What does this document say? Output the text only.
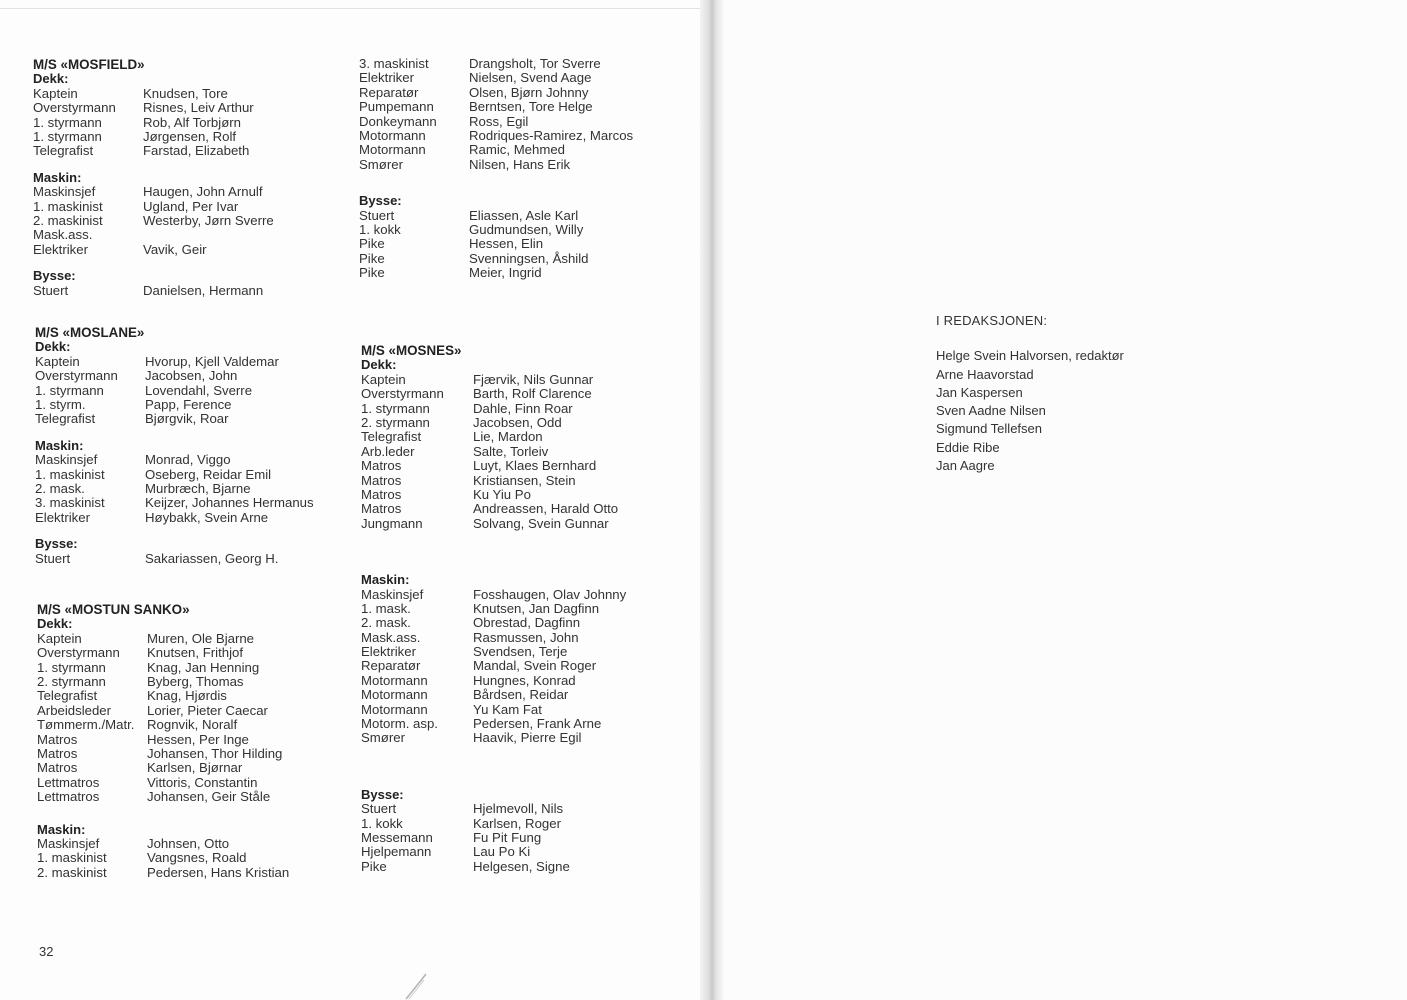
M/S «MOSFIELD»
Dekk:
Kaptein	Knudsen, Tore
Overstyrmann	Risnes, Leiv Arthur
1. styrmann	Rob, Alf Torbjørn
1. styrmann	Jørgensen, Rolf
Telegrafist	Farstad, Elizabeth
Maskin:
Maskinsjef	Haugen, John Arnulf
1. maskinist	Ugland, Per Ivar
2. maskinist	Westerby, Jørn Sverre
Mask.ass.
Elektriker	Vavik, Geir
Bysse:
Stuert	Danielsen, Hermann
M/S «MOSLANE»
Dekk:
Kaptein	Hvorup, Kjell Valdemar
Overstyrmann	Jacobsen, John
1. styrmann	Lovendahl, Sverre
1. styrm.	Papp, Ference
Telegrafist	Bjørgvik, Roar
Maskin:
Maskinsjef	Monrad, Viggo
1. maskinist	Oseberg, Reidar Emil
2. mask.	Murbræch, Bjarne
3. maskinist	Keijzer, Johannes Hermanus
Elektriker	Høybakk, Svein Arne
Bysse:
Stuert	Sakariassen, Georg H.
M/S «MOSTUN SANKO»
Dekk:
Kaptein	Muren, Ole Bjarne
Overstyrmann	Knutsen, Frithjof
1. styrmann	Knag, Jan Henning
2. styrmann	Byberg, Thomas
Telegrafist	Knag, Hjørdis
Arbeidsleder	Lorier, Pieter Caecar
Tømmerm./Matr. Rognvik, Noralf
Matros	Hessen, Per Inge
Matros	Johansen, Thor Hilding
Matros	Karlsen, Bjørnar
Lettmatros	Vittoris, Constantin
Lettmatros	Johansen, Geir Ståle
Maskin:
Maskinsjef	Johnsen, Otto
1. maskinist	Vangsnes, Roald
2. maskinist	Pedersen, Hans Kristian
3. maskinist	Drangsholt, Tor Sverre
Elektriker	Nielsen, Svend Aage
Reparatør	Olsen, Bjørn Johnny
Pumpemann	Berntsen, Tore Helge
Donkeymann	Ross, Egil
Motormann	Rodriques-Ramirez, Marcos
Motormann	Ramic, Mehmed
Smører	Nilsen, Hans Erik
Bysse:
Stuert	Eliassen, Asle Karl
1. kokk	Gudmundsen, Willy
Pike	Hessen, Elin
Pike	Svenningsen, Åshild
Pike	Meier, Ingrid
M/S «MOSNES»
Dekk:
Kaptein	Fjærvik, Nils Gunnar
Overstyrmann	Barth, Rolf Clarence
1. styrmann	Dahle, Finn Roar
2. styrmann	Jacobsen, Odd
Telegrafist	Lie, Mardon
Arb.leder	Salte, Torleiv
Matros	Luyt, Klaes Bernhard
Matros	Kristiansen, Stein
Matros	Ku Yiu Po
Matros	Andreassen, Harald Otto
Jungmann	Solvang, Svein Gunnar
Maskin:
Maskinsjef	Fosshaugen, Olav Johnny
1. mask.	Knutsen, Jan Dagfinn
2. mask.	Obrestad, Dagfinn
Mask.ass.	Rasmussen, John
Elektriker	Svendsen, Terje
Reparatør	Mandal, Svein Roger
Motormann	Hungnes, Konrad
Motormann	Bårdsen, Reidar
Motormann	Yu Kam Fat
Motorm. asp.	Pedersen, Frank Arne
Smører	Haavik, Pierre Egil
Bysse:
Stuert	Hjelmevoll, Nils
1. kokk	Karlsen, Roger
Messemann	Fu Pit Fung
Hjelpemann	Lau Po Ki
Pike	Helgesen, Signe
32
I REDAKSJONEN:
Helge Svein Halvorsen, redaktør
Arne Haavorstad
Jan Kaspersen
Sven Aadne Nilsen
Sigmund Tellefsen
Eddie Ribe
Jan Aagre
